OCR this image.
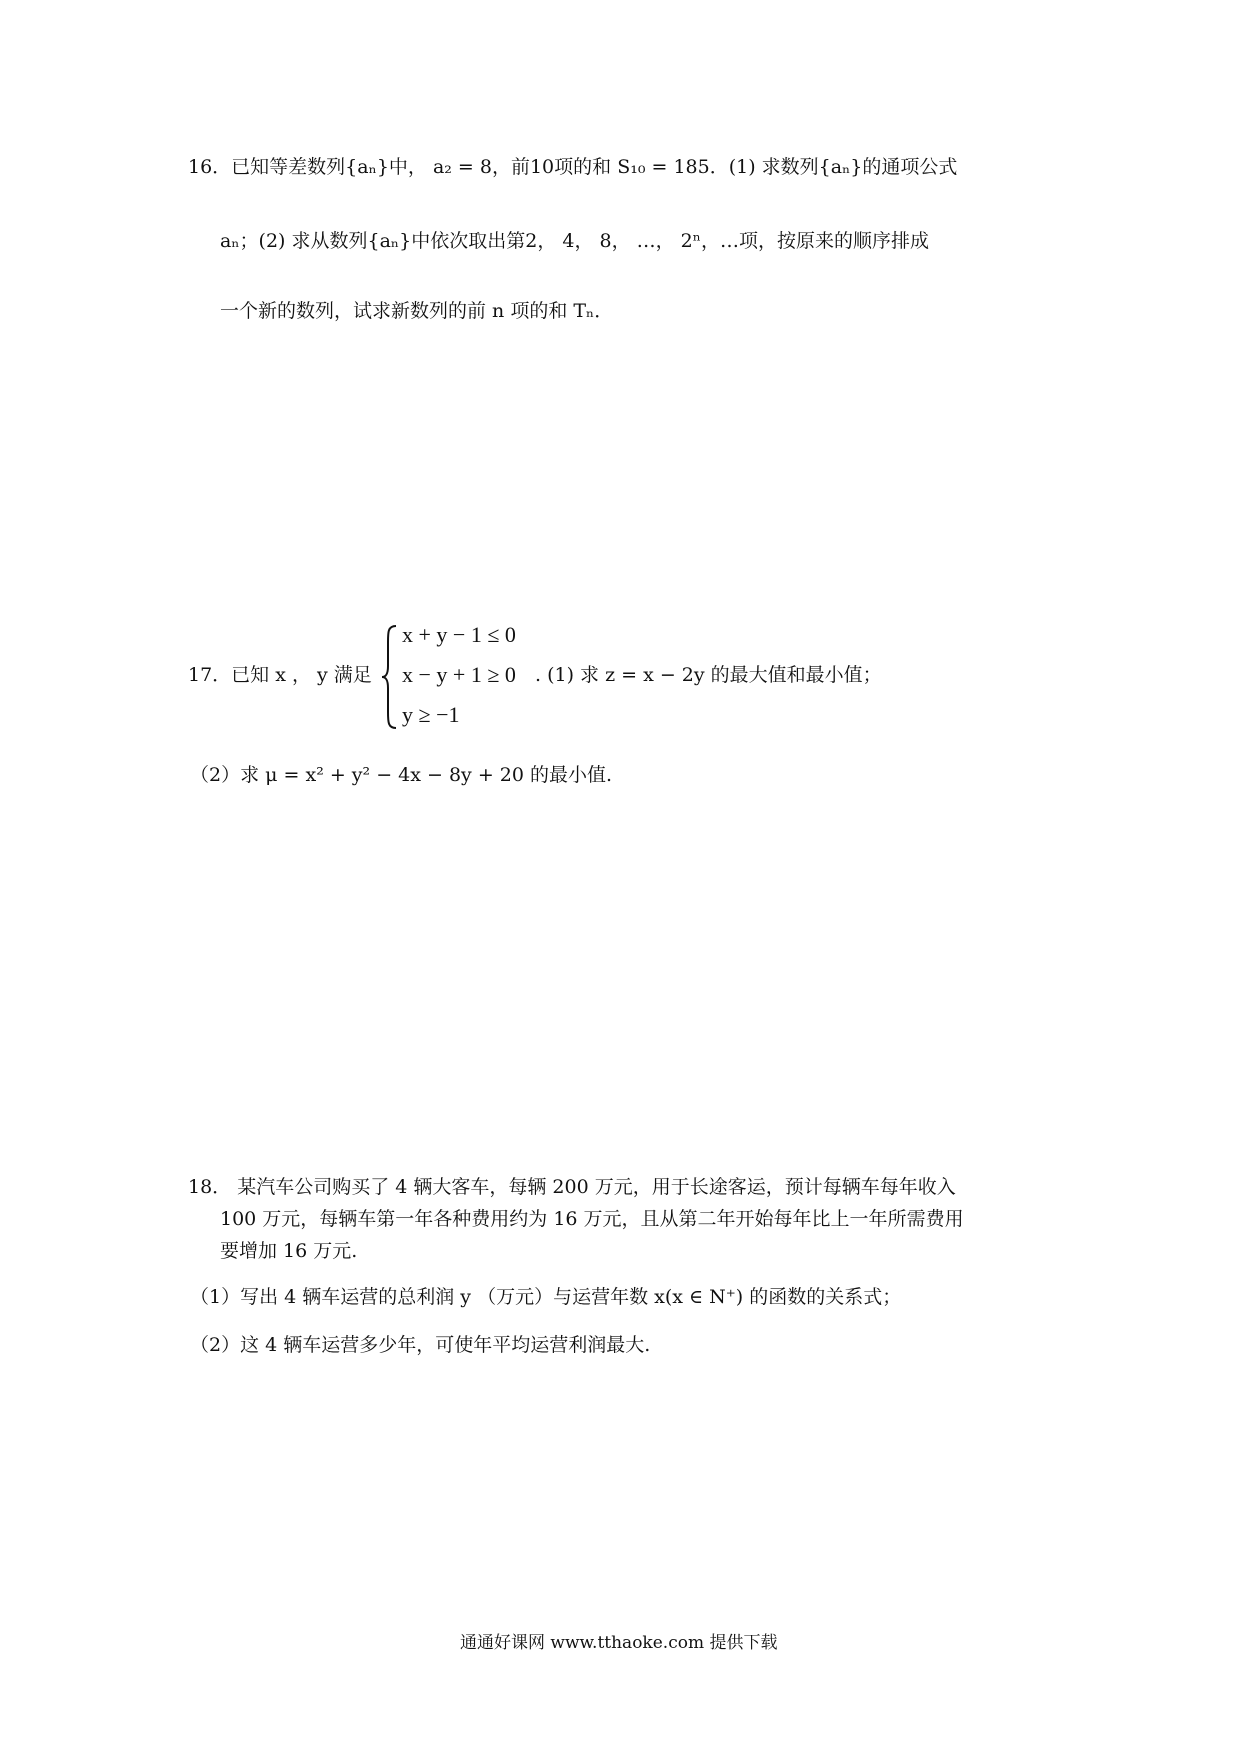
16．已知等差数列{aₙ}中， a₂ = 8，前10项的和 S₁₀ = 185．(1) 求数列{aₙ}的通项公式
aₙ；(2) 求从数列{aₙ}中依次取出第2， 4， 8， …， 2ⁿ，…项，按原来的顺序排成
一个新的数列，试求新数列的前 n 项的和 Tₙ．
17．已知 x ， y 满足
x + y − 1 ≤ 0
x − y + 1 ≥ 0
y ≥ −1
. (1) 求 z = x − 2y 的最大值和最小值；
（2）求 μ = x² + y² − 4x − 8y + 20 的最小值.
18． 某汽车公司购买了 4 辆大客车，每辆 200 万元，用于长途客运，预计每辆车每年收入
100 万元，每辆车第一年各种费用约为 16 万元，且从第二年开始每年比上一年所需费用
要增加 16 万元.
（1）写出 4 辆车运营的总利润 y （万元）与运营年数 x(x ∈ N⁺) 的函数的关系式；
（2）这 4 辆车运营多少年，可使年平均运营利润最大.
通通好课网 www.tthaoke.com 提供下载
